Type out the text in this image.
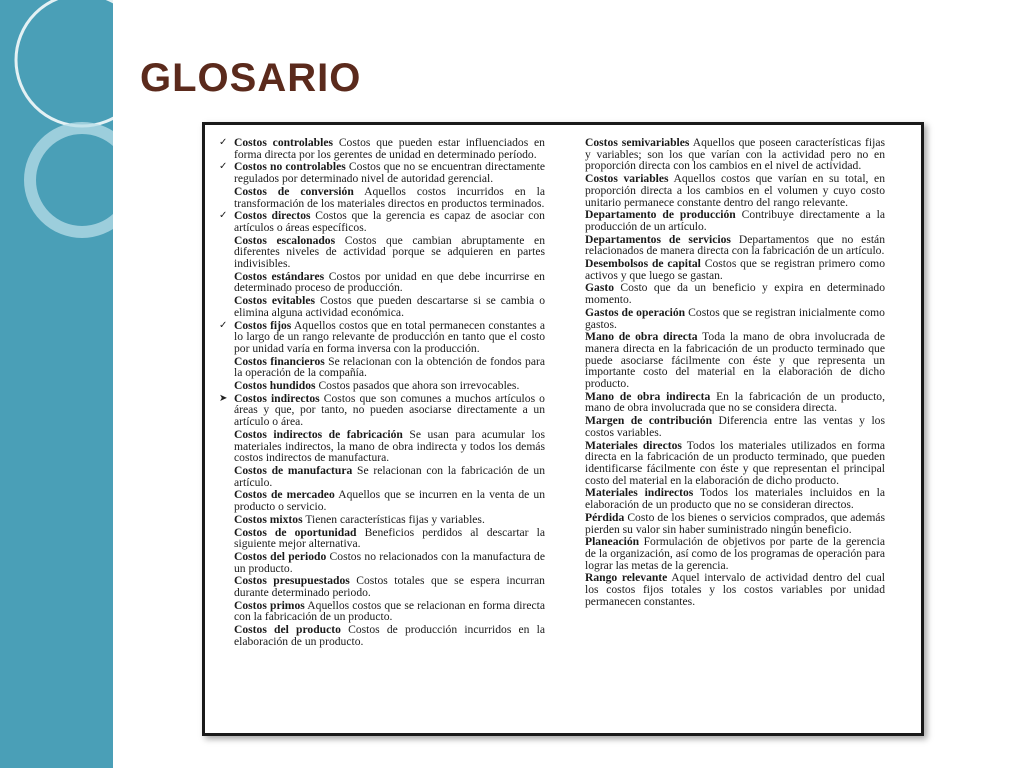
GLOSARIO

✓ Costos controlables Costos que pueden estar influenciados en forma directa por los gerentes de unidad en determinado período.

✓ Costos no controlables Costos que no se encuentran directamente regulados por determinado nivel de autoridad gerencial.

Costos de conversión Aquellos costos incurridos en la transformación de los materiales directos en productos terminados.

✓ Costos directos Costos que la gerencia es capaz de asociar con artículos o áreas específicos.

Costos escalonados Costos que cambian abruptamente en diferentes niveles de actividad porque se adquieren en partes indivisibles.

Costos estándares Costos por unidad en que debe incurrirse en determinado proceso de producción.

Costos evitables Costos que pueden descartarse si se cambia o elimina alguna actividad económica.

✓ Costos fijos Aquellos costos que en total permanecen constantes a lo largo de un rango relevante de producción en tanto que el costo por unidad varía en forma inversa con la producción.

Costos financieros Se relacionan con la obtención de fondos para la operación de la compañía.

Costos hundidos Costos pasados que ahora son irrevocables.

➤ Costos indirectos Costos que son comunes a muchos artículos o áreas y que, por tanto, no pueden asociarse directamente a un artículo o área.

Costos indirectos de fabricación Se usan para acumular los materiales indirectos, la mano de obra indirecta y todos los demás costos indirectos de manufactura.

Costos de manufactura Se relacionan con la fabricación de un artículo.

Costos de mercadeo Aquellos que se incurren en la venta de un producto o servicio.

Costos mixtos Tienen características fijas y variables.

Costos de oportunidad Beneficios perdidos al descartar la siguiente mejor alternativa.

Costos del periodo Costos no relacionados con la manufactura de un producto.

Costos presupuestados Costos totales que se espera incurran durante determinado periodo.

Costos primos Aquellos costos que se relacionan en forma directa con la fabricación de un producto.

Costos del producto Costos de producción incurridos en la elaboración de un producto.

Costos semivariables Aquellos que poseen características fijas y variables; son los que varían con la actividad pero no en proporción directa con los cambios en el nivel de actividad.

Costos variables Aquellos costos que varían en su total, en proporción directa a los cambios en el volumen y cuyo costo unitario permanece constante dentro del rango relevante.

Departamento de producción Contribuye directamente a la producción de un artículo.

Departamentos de servicios Departamentos que no están relacionados de manera directa con la fabricación de un artículo.

Desembolsos de capital Costos que se registran primero como activos y que luego se gastan.

Gasto Costo que da un beneficio y expira en determinado momento.

Gastos de operación Costos que se registran inicialmente como gastos.

Mano de obra directa Toda la mano de obra involucrada de manera directa en la fabricación de un producto terminado que puede asociarse fácilmente con éste y que representa un importante costo del material en la elaboración de dicho producto.

Mano de obra indirecta En la fabricación de un producto, mano de obra involucrada que no se considera directa.

Margen de contribución Diferencia entre las ventas y los costos variables.

Materiales directos Todos los materiales utilizados en forma directa en la fabricación de un producto terminado, que pueden identificarse fácilmente con éste y que representan el principal costo del material en la elaboración de dicho producto.

Materiales indirectos Todos los materiales incluidos en la elaboración de un producto que no se consideran directos.

Pérdida Costo de los bienes o servicios comprados, que además pierden su valor sin haber suministrado ningún beneficio.

Planeación Formulación de objetivos por parte de la gerencia de la organización, así como de los programas de operación para lograr las metas de la gerencia.

Rango relevante Aquel intervalo de actividad dentro del cual los costos fijos totales y los costos variables por unidad permanecen constantes.
